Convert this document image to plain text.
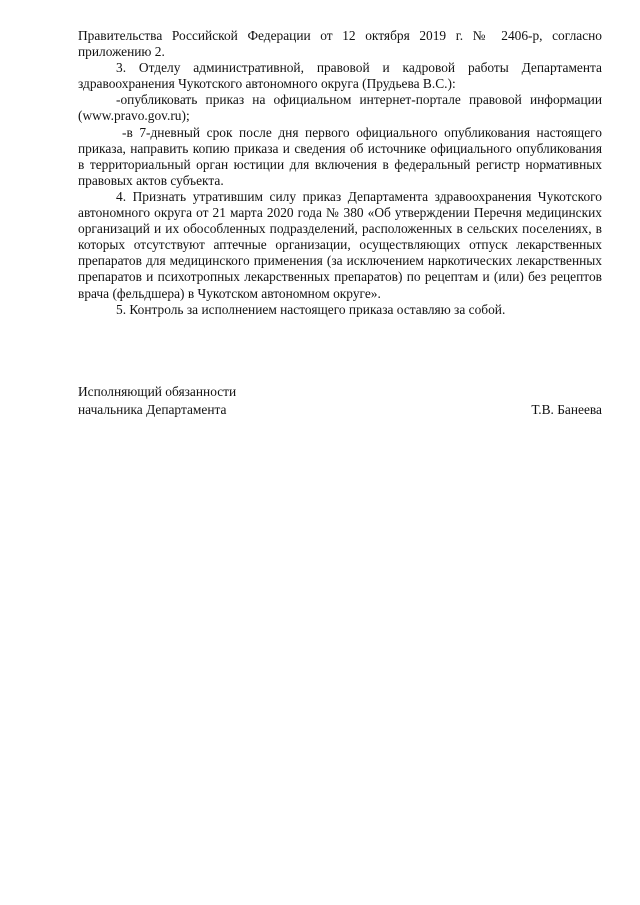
Правительства Российской Федерации от 12 октября 2019 г. № 2406-р, согласно приложению 2.

3. Отделу административной, правовой и кадровой работы Департамента здравоохранения Чукотского автономного округа (Прудьева В.С.):

-опубликовать приказ на официальном интернет-портале правовой информации (www.pravo.gov.ru);

-в 7-дневный срок после дня первого официального опубликования настоящего приказа, направить копию приказа и сведения об источнике официального опубликования в территориальный орган юстиции для включения в федеральный регистр нормативных правовых актов субъекта.

4. Признать утратившим силу приказ Департамента здравоохранения Чукотского автономного округа от 21 марта 2020 года № 380 «Об утверждении Перечня медицинских организаций и их обособленных подразделений, расположенных в сельских поселениях, в которых отсутствуют аптечные организации, осуществляющих отпуск лекарственных препаратов для медицинского применения (за исключением наркотических лекарственных препаратов и психотропных лекарственных препаратов) по рецептам и (или) без рецептов врача (фельдшера) в Чукотском автономном округе».

5. Контроль за исполнением настоящего приказа оставляю за собой.

Исполняющий обязанности
начальника Департамента	Т.В. Банеева
